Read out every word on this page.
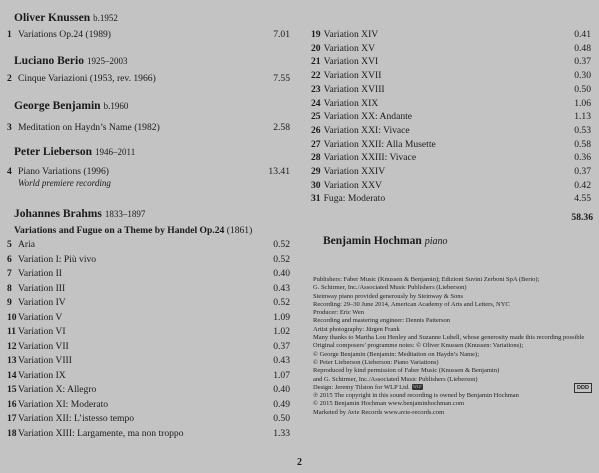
Oliver Knussen b.1952
1 Variations Op.24 (1989)	7.01
Luciano Berio 1925–2003
2 Cinque Variazioni (1953, rev. 1966)	7.55
George Benjamin b.1960
3 Meditation on Haydn’s Name (1982)	2.58
Peter Lieberson 1946–2011
4 Piano Variations (1996)	13.41
World premiere recording
Johannes Brahms 1833–1897
Variations and Fugue on a Theme by Handel Op.24 (1861)
5 Aria	0.52
6 Variation I: Più vivo	0.52
7 Variation II	0.40
8 Variation III	0.43
9 Variation IV	0.52
10 Variation V	1.09
11 Variation VI	1.02
12 Variation VII	0.37
13 Variation VIII	0.43
14 Variation IX	1.07
15 Variation X: Allegro	0.40
16 Variation XI: Moderato	0.49
17 Variation XII: L’istesso tempo	0.50
18 Variation XIII: Largamente, ma non troppo	1.33
19 Variation XIV	0.41
20 Variation XV	0.48
21 Variation XVI	0.37
22 Variation XVII	0.30
23 Variation XVIII	0.50
24 Variation XIX	1.06
25 Variation XX: Andante	1.13
26 Variation XXI: Vivace	0.53
27 Variation XXII: Alla Musette	0.58
28 Variation XXIII: Vivace	0.36
29 Variation XXIV	0.37
30 Variation XXV	0.42
31 Fuga: Moderato	4.55
58.36
Benjamin Hochman piano
Publishers: Faber Music (Knussen & Benjamin); Edizioni Suvini Zerboni SpA (Berio);
G. Schirmer, Inc./Associated Music Publishers (Lieberson)
Steinway piano provided generously by Steinway & Sons
Recording: 29–30 June 2014, American Academy of Arts and Letters, NYC
Producer: Eric Wen
Recording and mastering engineer: Dennis Patterson
Artist photography: Jürgen Frank
Many thanks to Martha Lou Henley and Suzanne Lubell, whose generosity made this recording possible
Original composers’ programme notes: © Oliver Knussen (Knussen: Variations);
© George Benjamin (Benjamin: Meditation on Haydn’s Name);
© Peter Lieberson (Lieberson: Piano Variations)
Reproduced by kind permission of Faber Music (Knussen & Benjamin)
and G. Schirmer, Inc./Associated Music Publishers (Lieberson)
Design: Jeremy Tilston for WLP Ltd. WLP
℗ 2015 The copyright in this sound recording is owned by Benjamin Hochman
© 2015 Benjamin Hochman www.benjaminhochman.com
Marketed by Avie Records www.avie-records.com
DDD
2
